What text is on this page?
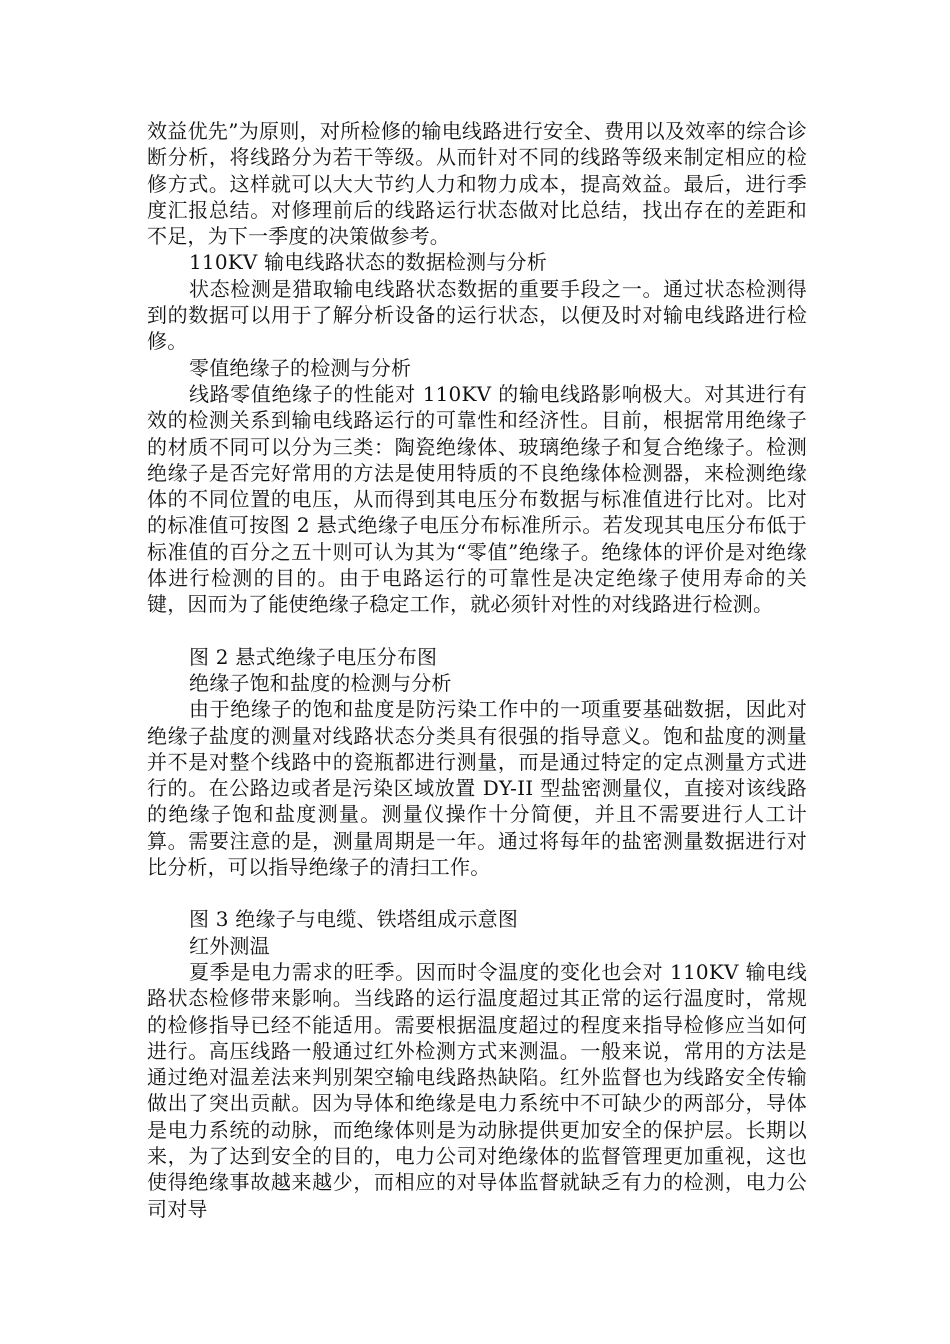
效益优先”为原则，对所检修的输电线路进行安全、费用以及效率的综合诊断分析，将线路分为若干等级。从而针对不同的线路等级来制定相应的检修方式。这样就可以大大节约人力和物力成本，提高效益。最后，进行季度汇报总结。对修理前后的线路运行状态做对比总结，找出存在的差距和不足，为下一季度的决策做参考。

110KV 输电线路状态的数据检测与分析

状态检测是猎取输电线路状态数据的重要手段之一。通过状态检测得到的数据可以用于了解分析设备的运行状态，以便及时对输电线路进行检修。

零值绝缘子的检测与分析

线路零值绝缘子的性能对 110KV 的输电线路影响极大。对其进行有效的检测关系到输电线路运行的可靠性和经济性。目前，根据常用绝缘子的材质不同可以分为三类：陶瓷绝缘体、玻璃绝缘子和复合绝缘子。检测绝缘子是否完好常用的方法是使用特质的不良绝缘体检测器，来检测绝缘体的不同位置的电压，从而得到其电压分布数据与标准值进行比对。比对的标准值可按图 2 悬式绝缘子电压分布标准所示。若发现其电压分布低于标准值的百分之五十则可认为其为“零值”绝缘子。绝缘体的评价是对绝缘体进行检测的目的。由于电路运行的可靠性是决定绝缘子使用寿命的关键，因而为了能使绝缘子稳定工作，就必须针对性的对线路进行检测。

图 2 悬式绝缘子电压分布图

绝缘子饱和盐度的检测与分析

由于绝缘子的饱和盐度是防污染工作中的一项重要基础数据，因此对绝缘子盐度的测量对线路状态分类具有很强的指导意义。饱和盐度的测量并不是对整个线路中的瓷瓶都进行测量，而是通过特定的定点测量方式进行的。在公路边或者是污染区域放置 DY-II 型盐密测量仪，直接对该线路的绝缘子饱和盐度测量。测量仪操作十分简便，并且不需要进行人工计算。需要注意的是，测量周期是一年。通过将每年的盐密测量数据进行对比分析，可以指导绝缘子的清扫工作。

图 3 绝缘子与电缆、铁塔组成示意图

红外测温

夏季是电力需求的旺季。因而时令温度的变化也会对 110KV 输电线路状态检修带来影响。当线路的运行温度超过其正常的运行温度时，常规的检修指导已经不能适用。需要根据温度超过的程度来指导检修应当如何进行。高压线路一般通过红外检测方式来测温。一般来说，常用的方法是通过绝对温差法来判别架空输电线路热缺陷。红外监督也为线路安全传输做出了突出贡献。因为导体和绝缘是电力系统中不可缺少的两部分，导体是电力系统的动脉，而绝缘体则是为动脉提供更加安全的保护层。长期以来，为了达到安全的目的，电力公司对绝缘体的监督管理更加重视，这也使得绝缘事故越来越少，而相应的对导体监督就缺乏有力的检测，电力公司对导
